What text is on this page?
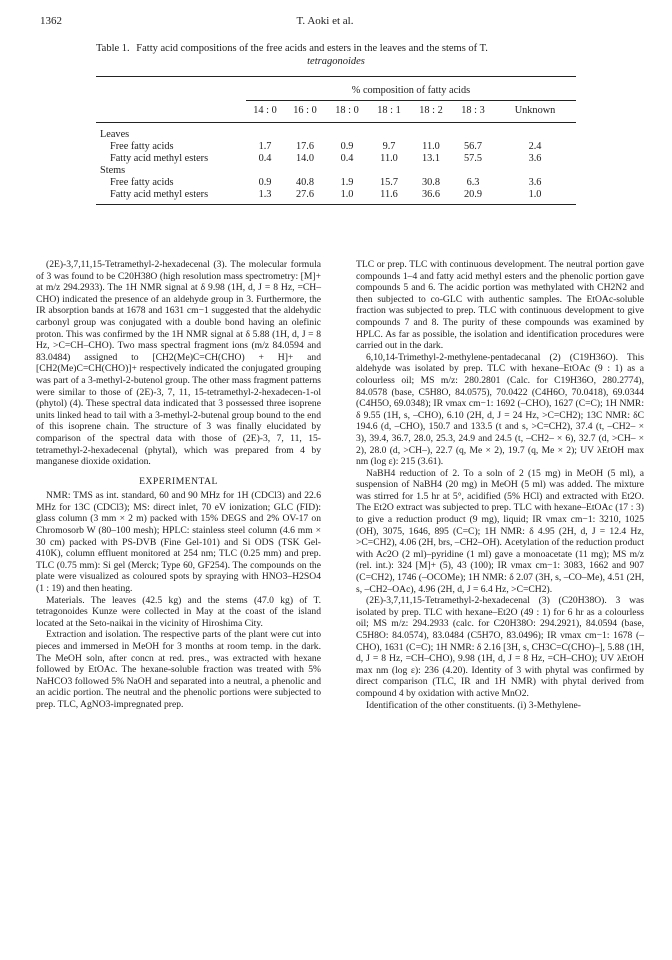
1362	T. Aoki et al.
Table 1. Fatty acid compositions of the free acids and esters in the leaves and the stems of T.
tetragonoides

	% composition of fatty acids						

	14 : 0	16 : 0	18 : 0	18 : 1	18 : 2	18 : 3	Unknown

Leaves							
Free fatty acids	1.7	17.6	0.9	9.7	11.0	56.7	2.4
Fatty acid methyl esters	0.4	14.0	0.4	11.0	13.1	57.5	3.6
Stems							
Free fatty acids	0.9	40.8	1.9	15.7	30.8	6.3	3.6
Fatty acid methyl esters	1.3	27.6	1.0	11.6	36.6	20.9	1.0

(2E)-3,7,11,15-Tetramethyl-2-hexadecenal (3). The molecular formula of 3 was found to be C20H38O (high resolution mass spectrometry: [M]+ at m/z 294.2933). The 1H NMR signal at δ 9.98 (1H, d, J = 8 Hz, =CH–CHO) indicated the presence of an aldehyde group in 3. Furthermore, the IR absorption bands at 1678 and 1631 cm−1 suggested that the aldehydic carbonyl group was conjugated with a double bond having an olefinic proton. This was confirmed by the 1H NMR signal at δ 5.88 (1H, d, J = 8 Hz, >C=CH–CHO). Two mass spectral fragment ions (m/z 84.0594 and 83.0484) assigned to [CH2(Me)C=CH(CHO) + H]+ and [CH2(Me)C=CH(CHO)]+ respectively indicated the conjugated grouping was part of a 3-methyl-2-butenol group. The other mass fragment patterns were similar to those of (2E)-3, 7, 11, 15-tetramethyl-2-hexadecen-1-ol (phytol) (4). These spectral data indicated that 3 possessed three isoprene units linked head to tail with a 3-methyl-2-butenal group bound to the end of this isoprene chain. The structure of 3 was finally elucidated by comparison of the spectral data with those of (2E)-3, 7, 11, 15-tetramethyl-2-hexadecenal (phytal), which was prepared from 4 by manganese dioxide oxidation.

EXPERIMENTAL

NMR: TMS as int. standard, 60 and 90 MHz for 1H (CDCl3) and 22.6 MHz for 13C (CDCl3); MS: direct inlet, 70 eV ionization; GLC (FID): glass column (3 mm × 2 m) packed with 15% DEGS and 2% OV-17 on Chromosorb W (80–100 mesh); HPLC: stainless steel column (4.6 mm × 30 cm) packed with PS-DVB (Fine Gel-101) and Si ODS (TSK Gel-410K), column effluent monitored at 254 nm; TLC (0.25 mm) and prep. TLC (0.75 mm): Si gel (Merck; Type 60, GF254). The compounds on the plate were visualized as coloured spots by spraying with HNO3–H2SO4 (1 : 19) and then heating.

Materials. The leaves (42.5 kg) and the stems (47.0 kg) of T. tetragonoides Kunze were collected in May at the coast of the island located at the Seto-naikai in the vicinity of Hiroshima City.

Extraction and isolation. The respective parts of the plant were cut into pieces and immersed in MeOH for 3 months at room temp. in the dark. The MeOH soln, after concn at red. pres., was extracted with hexane followed by EtOAc. The hexane-soluble fraction was treated with 5% NaHCO3 followed 5% NaOH and separated into a neutral, a phenolic and an acidic portion. The neutral and the phenolic portions were subjected to prep. TLC, AgNO3-impregnated prep.

TLC or prep. TLC with continuous development. The neutral portion gave compounds 1–4 and fatty acid methyl esters and the phenolic portion gave compounds 5 and 6. The acidic portion was methylated with CH2N2 and then subjected to co-GLC with authentic samples. The EtOAc-soluble fraction was subjected to prep. TLC with continuous development to give compounds 7 and 8. The purity of these compounds was examined by HPLC. As far as possible, the isolation and identification procedures were carried out in the dark.

6,10,14-Trimethyl-2-methylene-pentadecanal (2) (C19H36O). This aldehyde was isolated by prep. TLC with hexane–EtOAc (9 : 1) as a colourless oil; MS m/z: 280.2801 (Calc. for C19H36O, 280.2774), 84.0578 (base, C5H8O, 84.0575), 70.0422 (C4H6O, 70.0418), 69.0344 (C4H5O, 69.0348); IR νmax cm−1: 1692 (–CHO), 1627 (C=C); 1H NMR: δ 9.55 (1H, s, –CHO), 6.10 (2H, d, J = 24 Hz, >C=CH2); 13C NMR: δC 194.6 (d, –CHO), 150.7 and 133.5 (t and s, >C=CH2), 37.4 (t, –CH2– × 3), 39.4, 36.7, 28.0, 25.3, 24.9 and 24.5 (t, –CH2– × 6), 32.7 (d, >CH– × 2), 28.0 (d, >CH–), 22.7 (q, Me × 2), 19.7 (q, Me × 2); UV λEtOH max nm (log ε): 215 (3.61).

NaBH4 reduction of 2. To a soln of 2 (15 mg) in MeOH (5 ml), a suspension of NaBH4 (20 mg) in MeOH (5 ml) was added. The mixture was stirred for 1.5 hr at 5°, acidified (5% HCl) and extracted with Et2O. The Et2O extract was subjected to prep. TLC with hexane–EtOAc (17 : 3) to give a reduction product (9 mg), liquid; IR νmax cm−1: 3210, 1025 (OH), 3075, 1646, 895 (C=C); 1H NMR: δ 4.95 (2H, d, J = 12.4 Hz, >C=CH2), 4.06 (2H, brs, –CH2–OH). Acetylation of the reduction product with Ac2O (2 ml)–pyridine (1 ml) gave a monoacetate (11 mg); MS m/z (rel. int.): 324 [M]+ (5), 43 (100); IR νmax cm−1: 3083, 1662 and 907 (C=CH2), 1746 (–OCOMe); 1H NMR: δ 2.07 (3H, s, –CO–Me), 4.51 (2H, s, –CH2–OAc), 4.96 (2H, d, J = 6.4 Hz, >C=CH2).

(2E)-3,7,11,15-Tetramethyl-2-hexadecenal (3) (C20H38O). 3 was isolated by prep. TLC with hexane–Et2O (49 : 1) for 6 hr as a colourless oil; MS m/z: 294.2933 (calc. for C20H38O: 294.2921), 84.0594 (base, C5H8O: 84.0574), 83.0484 (C5H7O, 83.0496); IR νmax cm−1: 1678 (–CHO), 1631 (C=C); 1H NMR: δ 2.16 [3H, s, CH3C=C(CHO)–], 5.88 (1H, d, J = 8 Hz, =CH–CHO), 9.98 (1H, d, J = 8 Hz, =CH–CHO); UV λEtOH max nm (log ε): 236 (4.20). Identity of 3 with phytal was confirmed by direct comparison (TLC, IR and 1H NMR) with phytal derived from compound 4 by oxidation with active MnO2.

Identification of the other constituents. (i) 3-Methylene-
